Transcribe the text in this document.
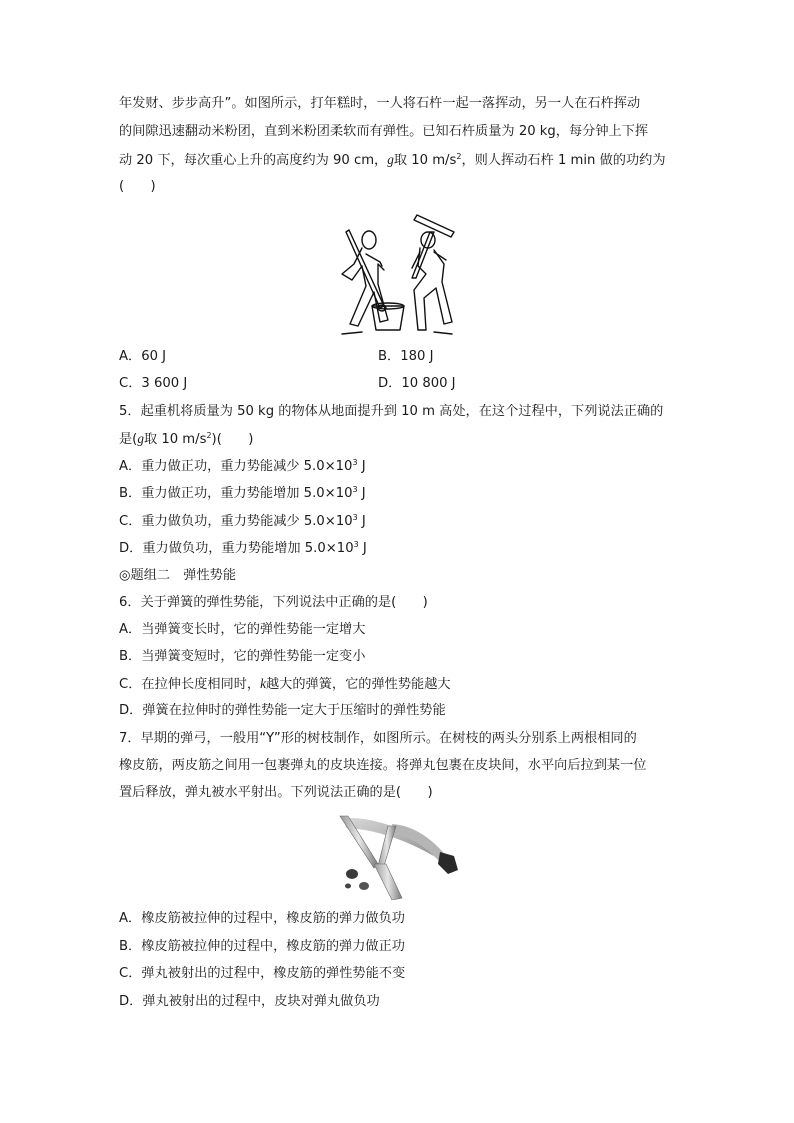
年发财、步步高升”。如图所示，打年糕时，一人将石杵一起一落挥动，另一人在石杵挥动
的间隙迅速翻动米粉团，直到米粉团柔软而有弹性。已知石杵质量为 20 kg，每分钟上下挥
动 20 下，每次重心上升的高度约为 90 cm，g取 10 $m/s^2$，则人挥动石杵 1 min 做的功约为
(　　)
A．60 J	B．180 J
C．3 600 J	D．10 800 J
5．起重机将质量为 50 kg 的物体从地面提升到 10 m 高处，在这个过程中，下列说法正确的
是(g取 10 $m/s^2$)(　　)
A．重力做正功，重力势能减少 $5.0\times 10^3$ J
B．重力做正功，重力势能增加 $5.0\times 10^3$ J
C．重力做负功，重力势能减少 $5.0\times 10^3$ J
D．重力做负功，重力势能增加 $5.0\times 10^3$ J
◎题组二　弹性势能
6．关于弹簧的弹性势能，下列说法中正确的是(　　)
A．当弹簧变长时，它的弹性势能一定增大
B．当弹簧变短时，它的弹性势能一定变小
C．在拉伸长度相同时，k越大的弹簧，它的弹性势能越大
D．弹簧在拉伸时的弹性势能一定大于压缩时的弹性势能
7．早期的弹弓，一般用“Y”形的树枝制作，如图所示。在树枝的两头分别系上两根相同的
橡皮筋，两皮筋之间用一包裹弹丸的皮块连接。将弹丸包裹在皮块间，水平向后拉到某一位
置后释放，弹丸被水平射出。下列说法正确的是(　　)
A．橡皮筋被拉伸的过程中，橡皮筋的弹力做负功
B．橡皮筋被拉伸的过程中，橡皮筋的弹力做正功
C．弹丸被射出的过程中，橡皮筋的弹性势能不变
D．弹丸被射出的过程中，皮块对弹丸做负功
